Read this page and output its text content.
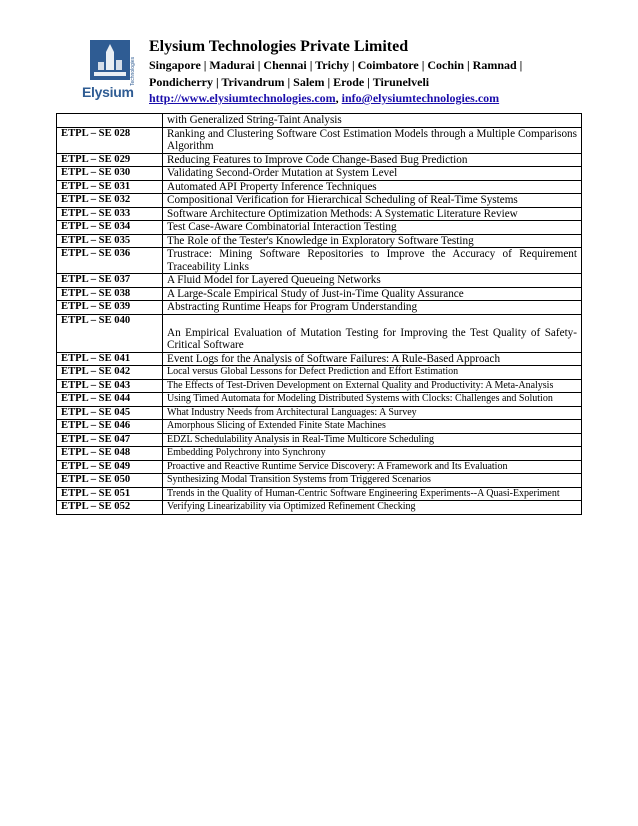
Technologies
Elysium
Elysium Technologies Private Limited
Singapore | Madurai | Chennai | Trichy | Coimbatore | Cochin | Ramnad |
Pondicherry | Trivandrum | Salem | Erode | Tirunelveli
http://www.elysiumtechnologies.com, info@elysiumtechnologies.com
	with Generalized String-Taint Analysis
ETPL – SE 028	Ranking and Clustering Software Cost Estimation Models through a Multiple Comparisons Algorithm
ETPL – SE 029	Reducing Features to Improve Code Change-Based Bug Prediction
ETPL – SE 030	Validating Second-Order Mutation at System Level
ETPL – SE 031	Automated API Property Inference Techniques
ETPL – SE 032	Compositional Verification for Hierarchical Scheduling of Real-Time Systems
ETPL – SE 033	Software Architecture Optimization Methods: A Systematic Literature Review
ETPL – SE 034	Test Case-Aware Combinatorial Interaction Testing
ETPL – SE 035	The Role of the Tester's Knowledge in Exploratory Software Testing
ETPL – SE 036	Trustrace: Mining Software Repositories to Improve the Accuracy of Requirement Traceability Links
ETPL – SE 037	A Fluid Model for Layered Queueing Networks
ETPL – SE 038	A Large-Scale Empirical Study of Just-in-Time Quality Assurance
ETPL – SE 039	Abstracting Runtime Heaps for Program Understanding
ETPL – SE 040	An Empirical Evaluation of Mutation Testing for Improving the Test Quality of Safety-Critical Software
ETPL – SE 041	Event Logs for the Analysis of Software Failures: A Rule-Based Approach
ETPL – SE 042	Local versus Global Lessons for Defect Prediction and Effort Estimation
ETPL – SE 043	The Effects of Test-Driven Development on External Quality and Productivity: A Meta-Analysis
ETPL – SE 044	Using Timed Automata for Modeling Distributed Systems with Clocks: Challenges and Solution
ETPL – SE 045	What Industry Needs from Architectural Languages: A Survey
ETPL – SE 046	Amorphous Slicing of Extended Finite State Machines
ETPL – SE 047	EDZL Schedulability Analysis in Real-Time Multicore Scheduling
ETPL – SE 048	Embedding Polychrony into Synchrony
ETPL – SE 049	Proactive and Reactive Runtime Service Discovery: A Framework and Its Evaluation
ETPL – SE 050	Synthesizing Modal Transition Systems from Triggered Scenarios
ETPL – SE 051	Trends in the Quality of Human-Centric Software Engineering Experiments--A Quasi-Experiment
ETPL – SE 052	Verifying Linearizability via Optimized Refinement Checking
